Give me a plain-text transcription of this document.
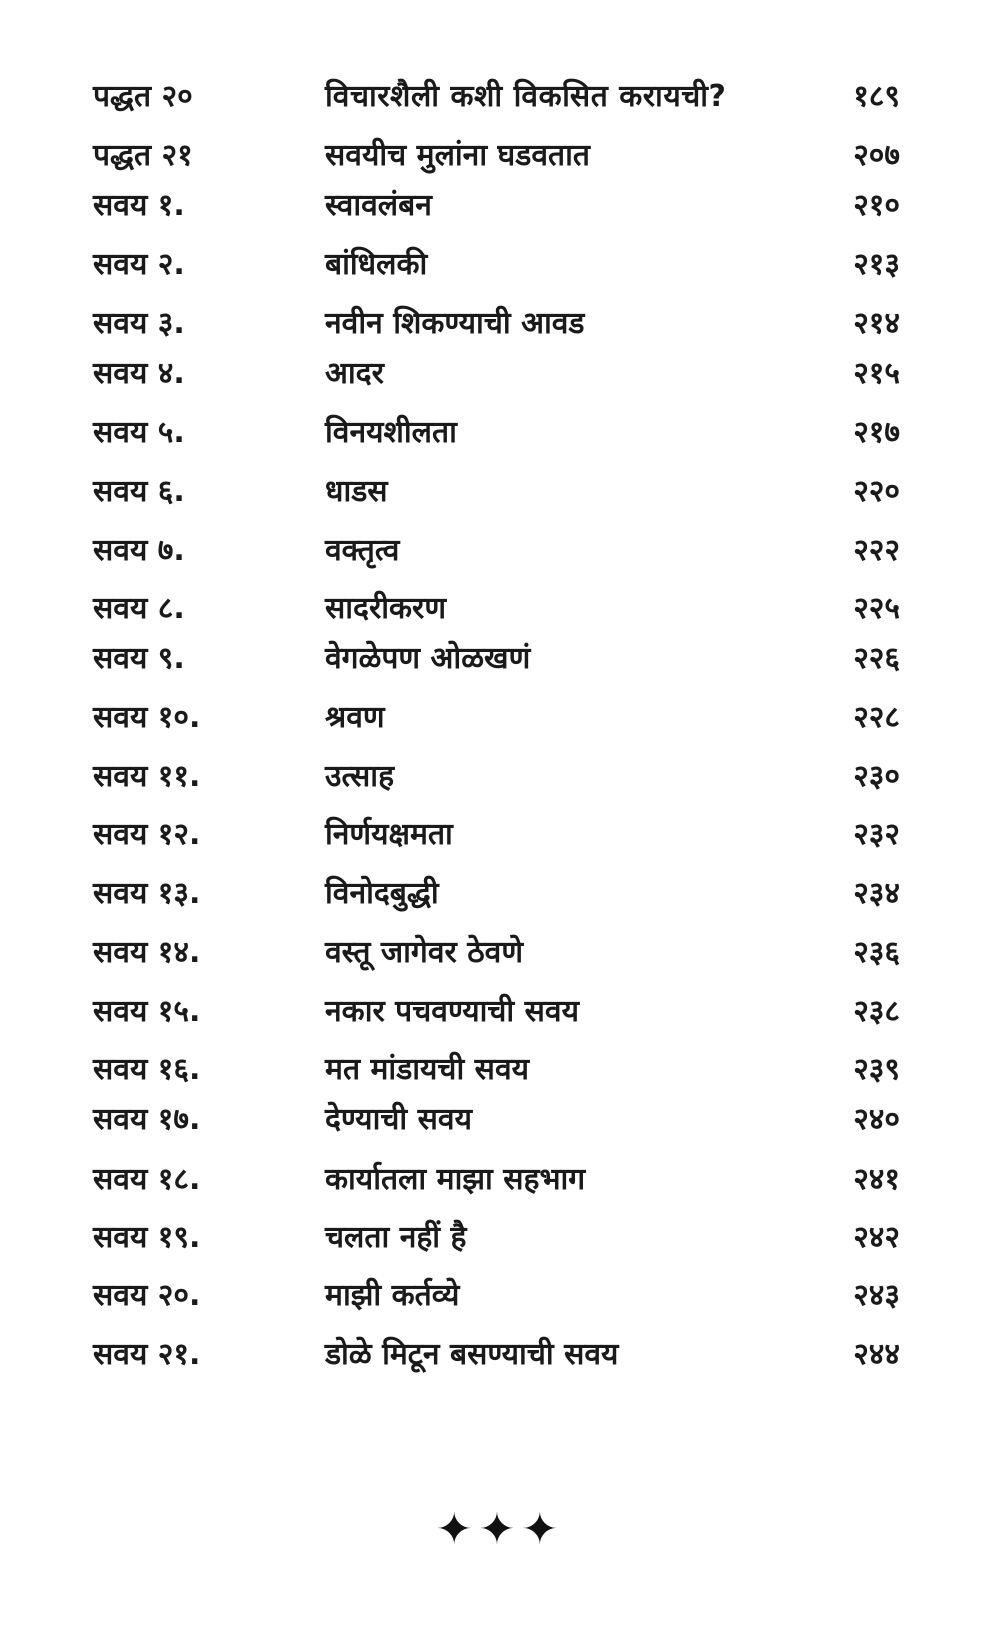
पद्धत २०	विचारशैली कशी विकसित करायची?	१८९
पद्धत २१	सवयीच मुलांना घडवतात	२०७
सवय १.	स्वावलंबन	२१०
सवय २.	बांधिलकी	२१३
सवय ३.	नवीन शिकण्याची आवड	२१४
सवय ४.	आदर	२१५
सवय ५.	विनयशीलता	२१७
सवय ६.	धाडस	२२०
सवय ७.	वक्तृत्व	२२२
सवय ८.	सादरीकरण	२२५
सवय ९.	वेगळेपण ओळखणं	२२६
सवय १०.	श्रवण	२२८
सवय ११.	उत्साह	२३०
सवय १२.	निर्णयक्षमता	२३२
सवय १३.	विनोदबुद्धी	२३४
सवय १४.	वस्तू जागेवर ठेवणे	२३६
सवय १५.	नकार पचवण्याची सवय	२३८
सवय १६.	मत मांडायची सवय	२३९
सवय १७.	देण्याची सवय	२४०
सवय १८.	कार्यातला माझा सहभाग	२४१
सवय १९.	चलता नहीं है	२४२
सवय २०.	माझी कर्तव्ये	२४३
सवय २१.	डोळे मिटून बसण्याची सवय	२४४
✦✦✦
